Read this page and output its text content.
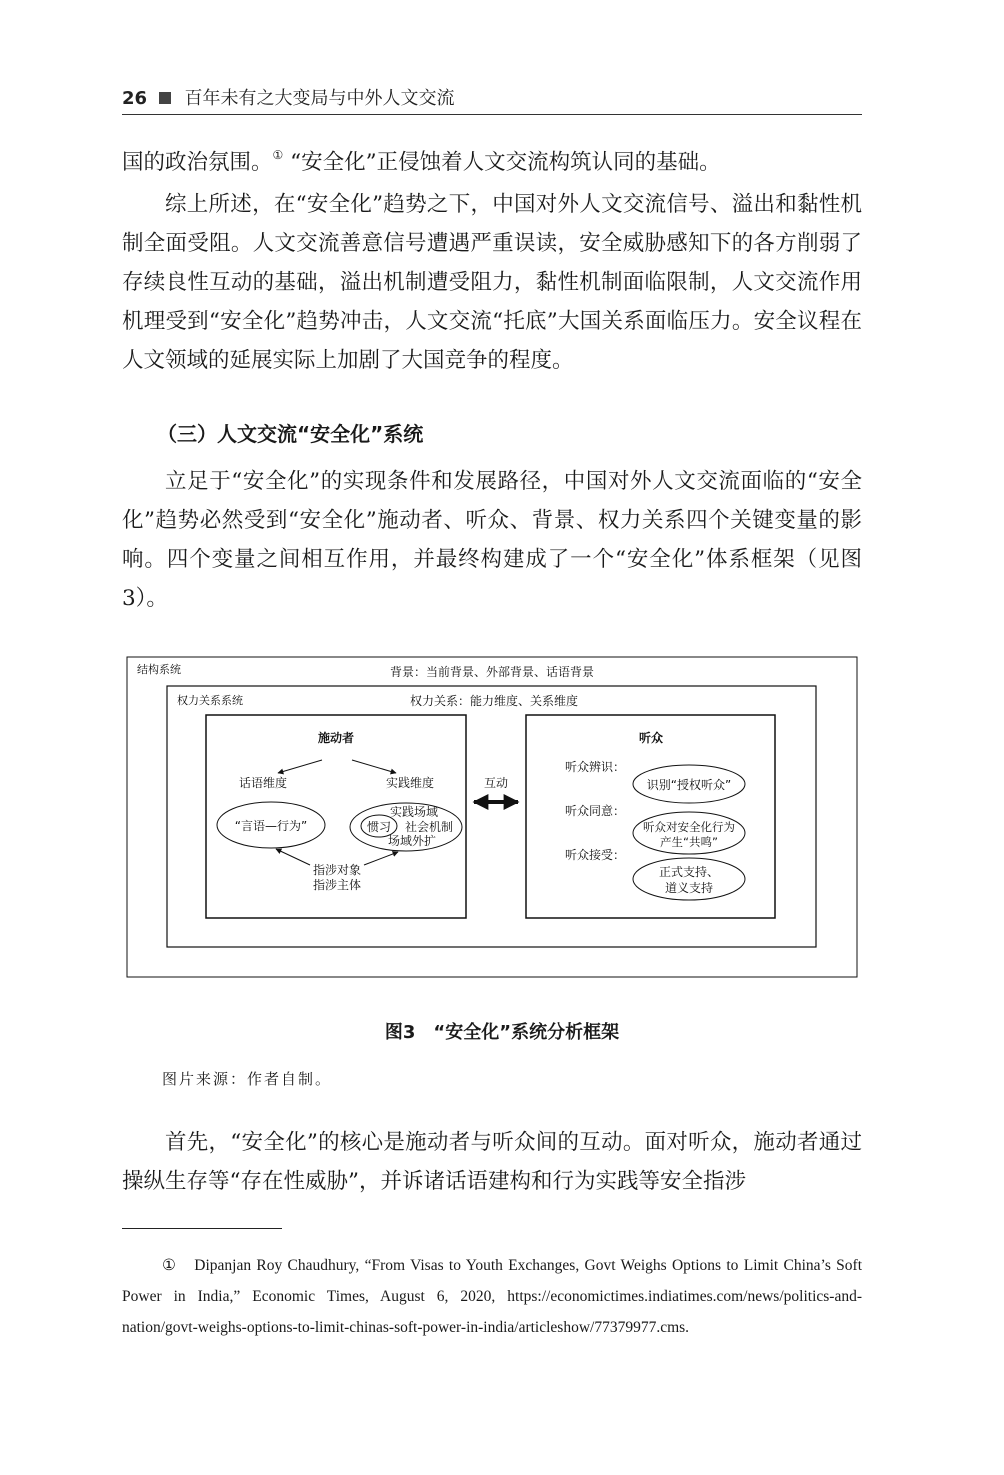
26 百年未有之大变局与中外人文交流
国的政治氛围。① “安全化”正侵蚀着人文交流构筑认同的基础。
综上所述，在“安全化”趋势之下，中国对外人文交流信号、溢出和黏性机制全面受阻。人文交流善意信号遭遇严重误读，安全威胁感知下的各方削弱了存续良性互动的基础，溢出机制遭受阻力，黏性机制面临限制，人文交流作用机理受到“安全化”趋势冲击，人文交流“托底”大国关系面临压力。安全议程在人文领域的延展实际上加剧了大国竞争的程度。
（三）人文交流“安全化”系统
立足于“安全化”的实现条件和发展路径，中国对外人文交流面临的“安全化”趋势必然受到“安全化”施动者、听众、背景、权力关系四个关键变量的影响。四个变量之间相互作用，并最终构建成了一个“安全化”体系框架（见图3）。
结构系统	背景：当前背景、外部背景、话语背景
权力关系系统	权力关系：能力维度、关系维度
施动者
话语维度	实践维度
“言语—行为”
实践场域
惯习 社会机制
场域外扩
指涉对象
指涉主体
互动
听众
听众辨识：
识别“授权听众”
听众同意：
听众对安全化行为
产生“共鸣”
听众接受：
正式支持、
道义支持
图3　“安全化”系统分析框架
图片来源：作者自制。
首先，“安全化”的核心是施动者与听众间的互动。面对听众，施动者通过操纵生存等“存在性威胁”，并诉诸话语建构和行为实践等安全指涉
①　Dipanjan Roy Chaudhury, “From Visas to Youth Exchanges, Govt Weighs Options to Limit China’s Soft Power in India,” Economic Times, August 6, 2020, https://economictimes.indiatimes.com/news/politics-and-nation/govt-weighs-options-to-limit-chinas-soft-power-in-india/articleshow/77379977.cms.
